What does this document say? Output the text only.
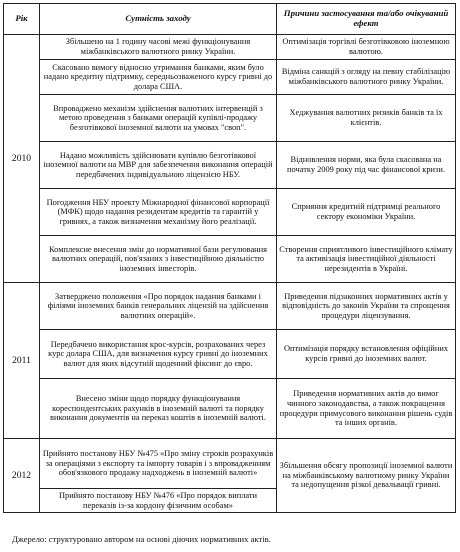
Рік	Сутність заходу	Причини застосування та/або очікуваний ефект
2010	Збільшено на 1 годину часові межі функціонування міжбанківського валютного ринку України.	Оптимізація торгівлі безготівковою іноземною валютою.
	Скасовано вимогу відносно утримання банками, яким було надано кредитну підтримку, середньозваженого курсу гривні до долара США.	Відміна санкцій з огляду на певну стабілізацію міжбанківського валютного ринку України.
	Впроваджено механізм здійснення валютних інтервенцій з метою проведення з банками операцій купівлі-продажу безготівкової іноземної валюти на умовах "своп".	Хеджування валютних ризиків банків та їх клієнтів.
	Надано можливість здійснювати купівлю безготівкової іноземної валюти на МВР для забезпечення виконання операцій передбачених індивідуальною ліцензією НБУ.	Відновлення норми, яка була скасована на початку 2009 року під час фінансової кризи.
	Погодження НБУ проекту Міжнародної фінансової корпорації (МФК) щодо надання резидентам кредитів та гарантій у гривнях, а також визначення механізму його реалізації.	Сприяння кредитній підтримці реального сектору економіки України.
	Комплексне внесення змін до нормативної бази регулювання валютних операцій, пов'язаних з інвестиційною діяльністю іноземних інвесторів.	Створення сприятливого інвестиційного клімату та активізація інвестиційної діяльності нерезидентів в Україні.
2011	Затверджено положення «Про порядок надання банками і філіями іноземних банків генеральних ліцензій на здійснення валютних операцій».	Приведення підзаконних нормативних актів у відповідність до законів України та спрощення процедури ліцензування.
	Передбачено використання крос-курсів, розрахованих через курс долара США, для визначення курсу гривні до іноземних валют для яких відсутній щоденний фіксинг до євро.	Оптимізація порядку встановлення офіційних курсів гривні до іноземних валют.
	Внесено зміни щодо порядку функціонування кореспондентських рахунків в іноземній валюті та порядку виконання документів на переказ коштів в іноземній валюті.	Приведення нормативних актів до вимог чинного законодавства, а також покращення процедури примусового виконання рішень судів та інших органів.
2012	Прийнято постанову НБУ №475 «Про зміну строків розрахунків за операціями з експорту та імпорту товарів і з впровадженням обов'язкового продажу надходжень в іноземній валюті»	Збільшення обсягу пропозиції іноземної валюти на міжбанківському валютному ринку України та недопущення різкої девальвації гривні.
	Прийнято постанову НБУ №476 «Про порядок виплати переказів із-за кордону фізичним особам»	
Джерело: структуровано автором на основі діючих нормативних актів.
